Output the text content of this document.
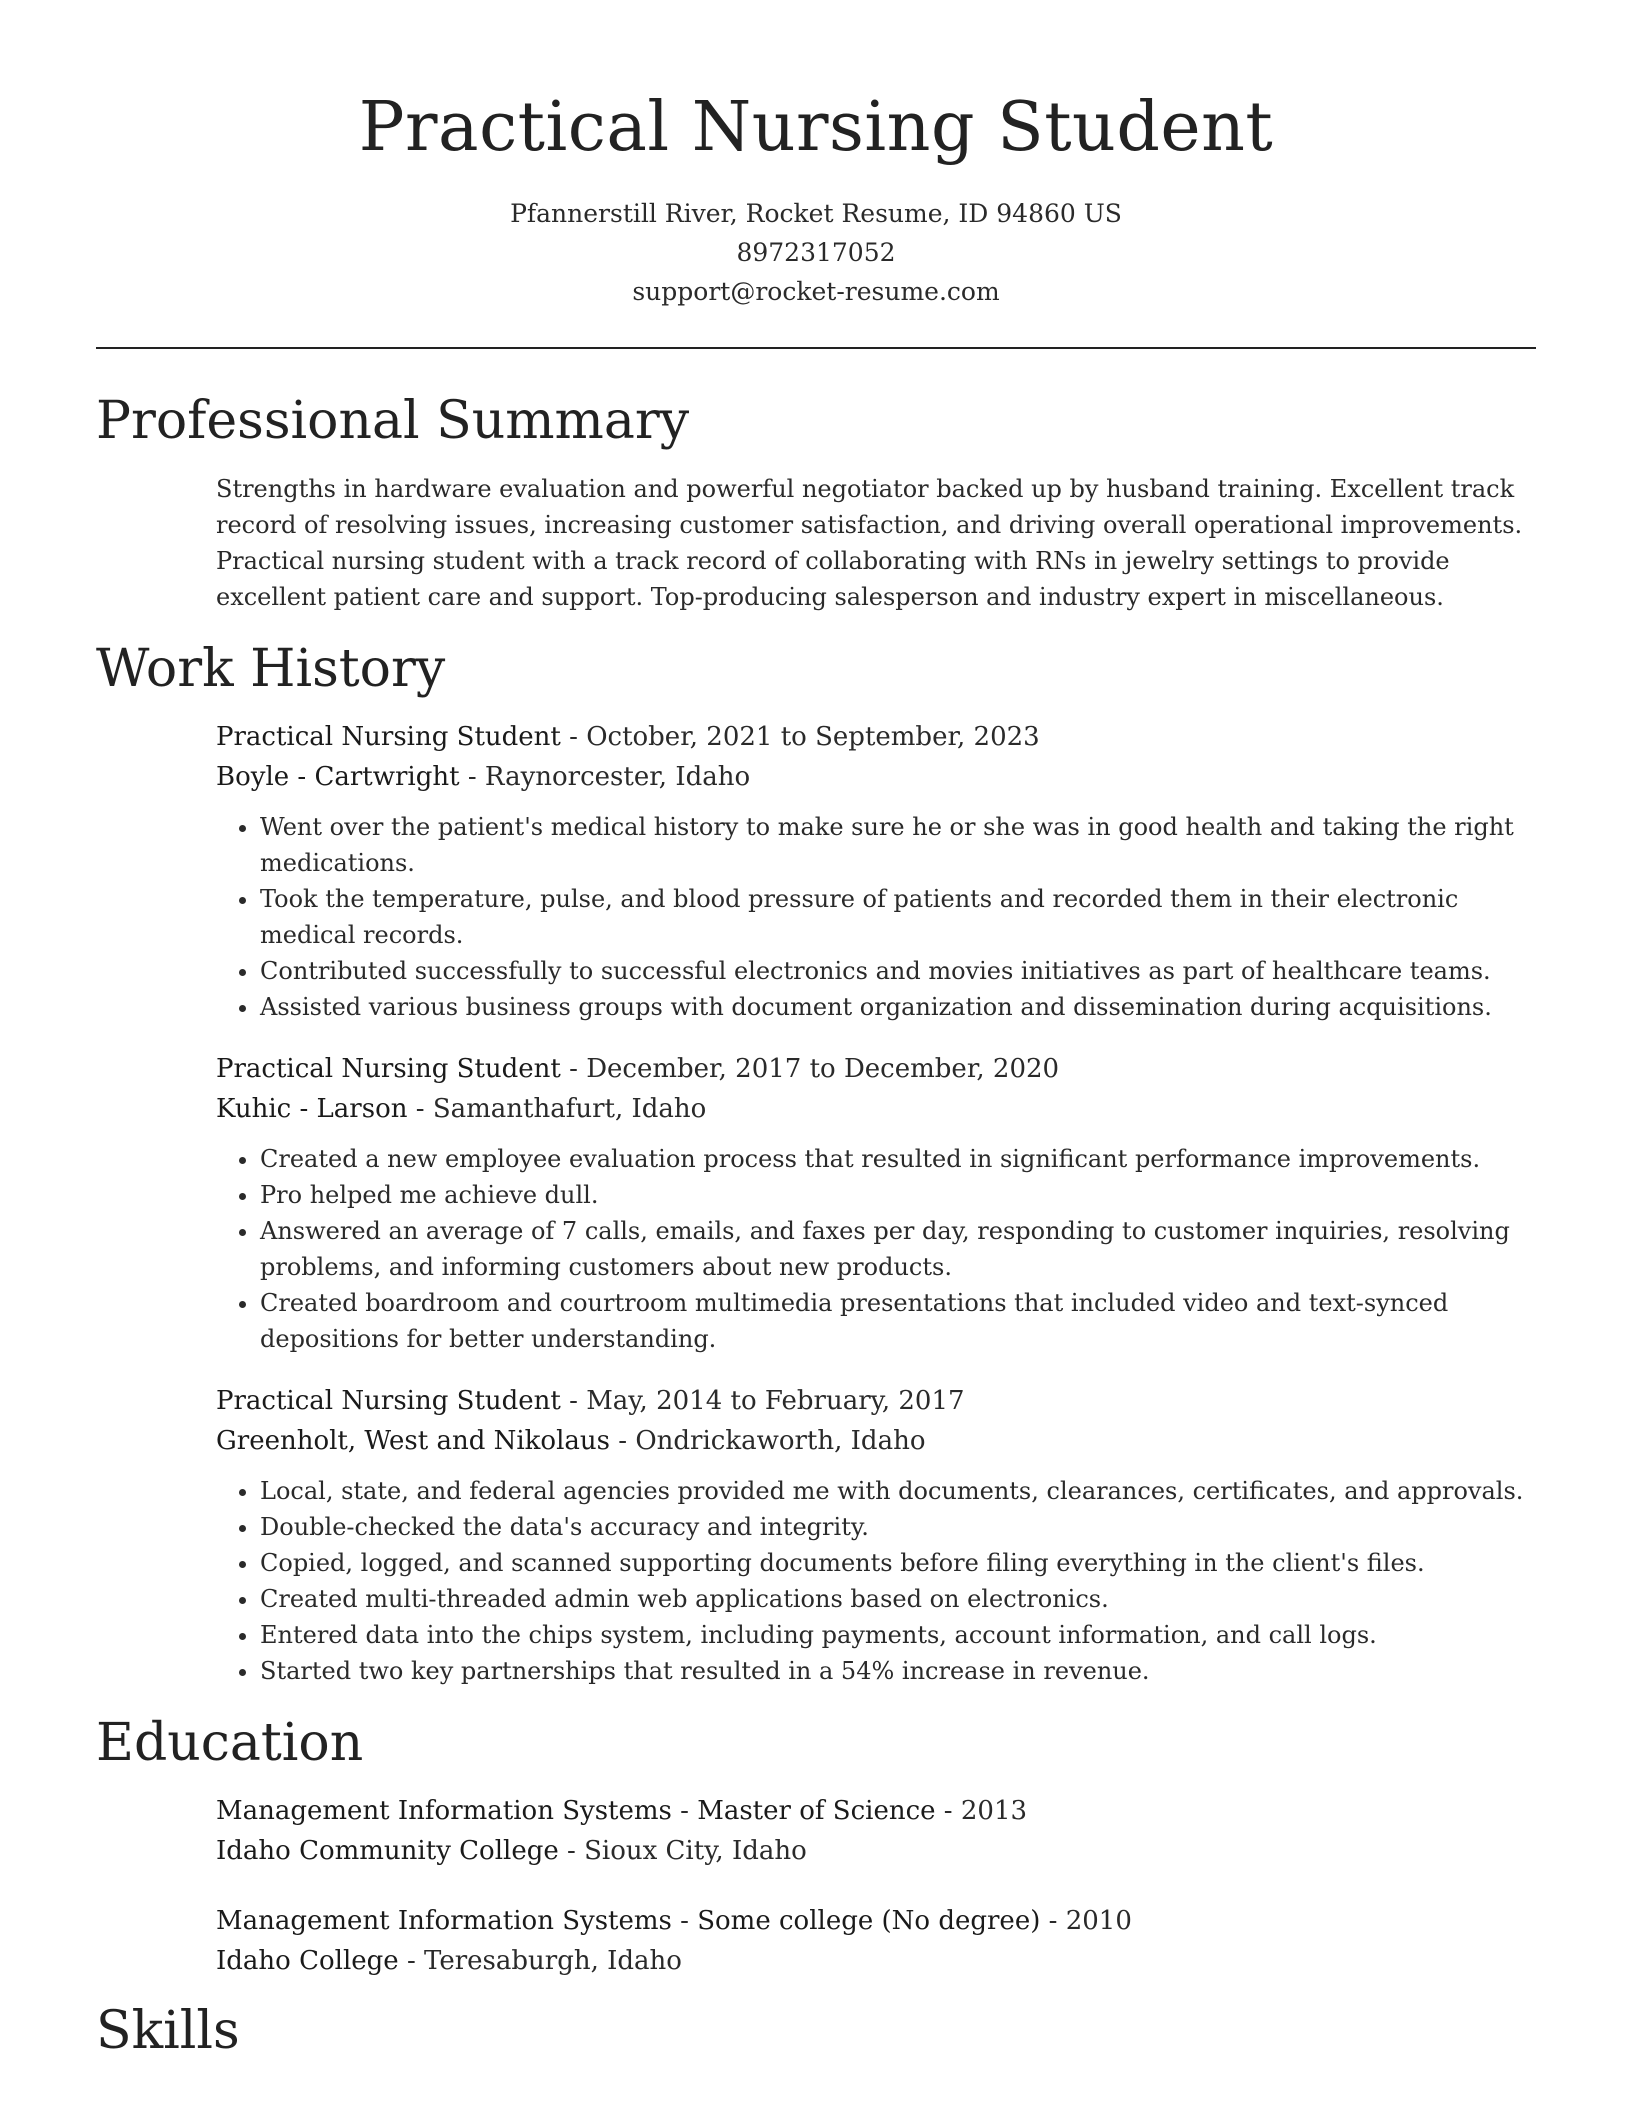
Practical Nursing Student
Pfannerstill River, Rocket Resume, ID 94860 US
8972317052
support@rocket-resume.com
Professional Summary
Strengths in hardware evaluation and powerful negotiator backed up by husband training. Excellent track record of resolving issues, increasing customer satisfaction, and driving overall operational improvements. Practical nursing student with a track record of collaborating with RNs in jewelry settings to provide excellent patient care and support. Top-producing salesperson and industry expert in miscellaneous.
Work History
Practical Nursing Student - October, 2021 to September, 2023
Boyle - Cartwright - Raynorcester, Idaho
• Went over the patient's medical history to make sure he or she was in good health and taking the right medications.
• Took the temperature, pulse, and blood pressure of patients and recorded them in their electronic medical records.
• Contributed successfully to successful electronics and movies initiatives as part of healthcare teams.
• Assisted various business groups with document organization and dissemination during acquisitions.
Practical Nursing Student - December, 2017 to December, 2020
Kuhic - Larson - Samanthafurt, Idaho
• Created a new employee evaluation process that resulted in significant performance improvements.
• Pro helped me achieve dull.
• Answered an average of 7 calls, emails, and faxes per day, responding to customer inquiries, resolving problems, and informing customers about new products.
• Created boardroom and courtroom multimedia presentations that included video and text-synced depositions for better understanding.
Practical Nursing Student - May, 2014 to February, 2017
Greenholt, West and Nikolaus - Ondrickaworth, Idaho
• Local, state, and federal agencies provided me with documents, clearances, certificates, and approvals.
• Double-checked the data's accuracy and integrity.
• Copied, logged, and scanned supporting documents before filing everything in the client's files.
• Created multi-threaded admin web applications based on electronics.
• Entered data into the chips system, including payments, account information, and call logs.
• Started two key partnerships that resulted in a 54% increase in revenue.
Education
Management Information Systems - Master of Science - 2013
Idaho Community College - Sioux City, Idaho
Management Information Systems - Some college (No degree) - 2010
Idaho College - Teresaburgh, Idaho
Skills
